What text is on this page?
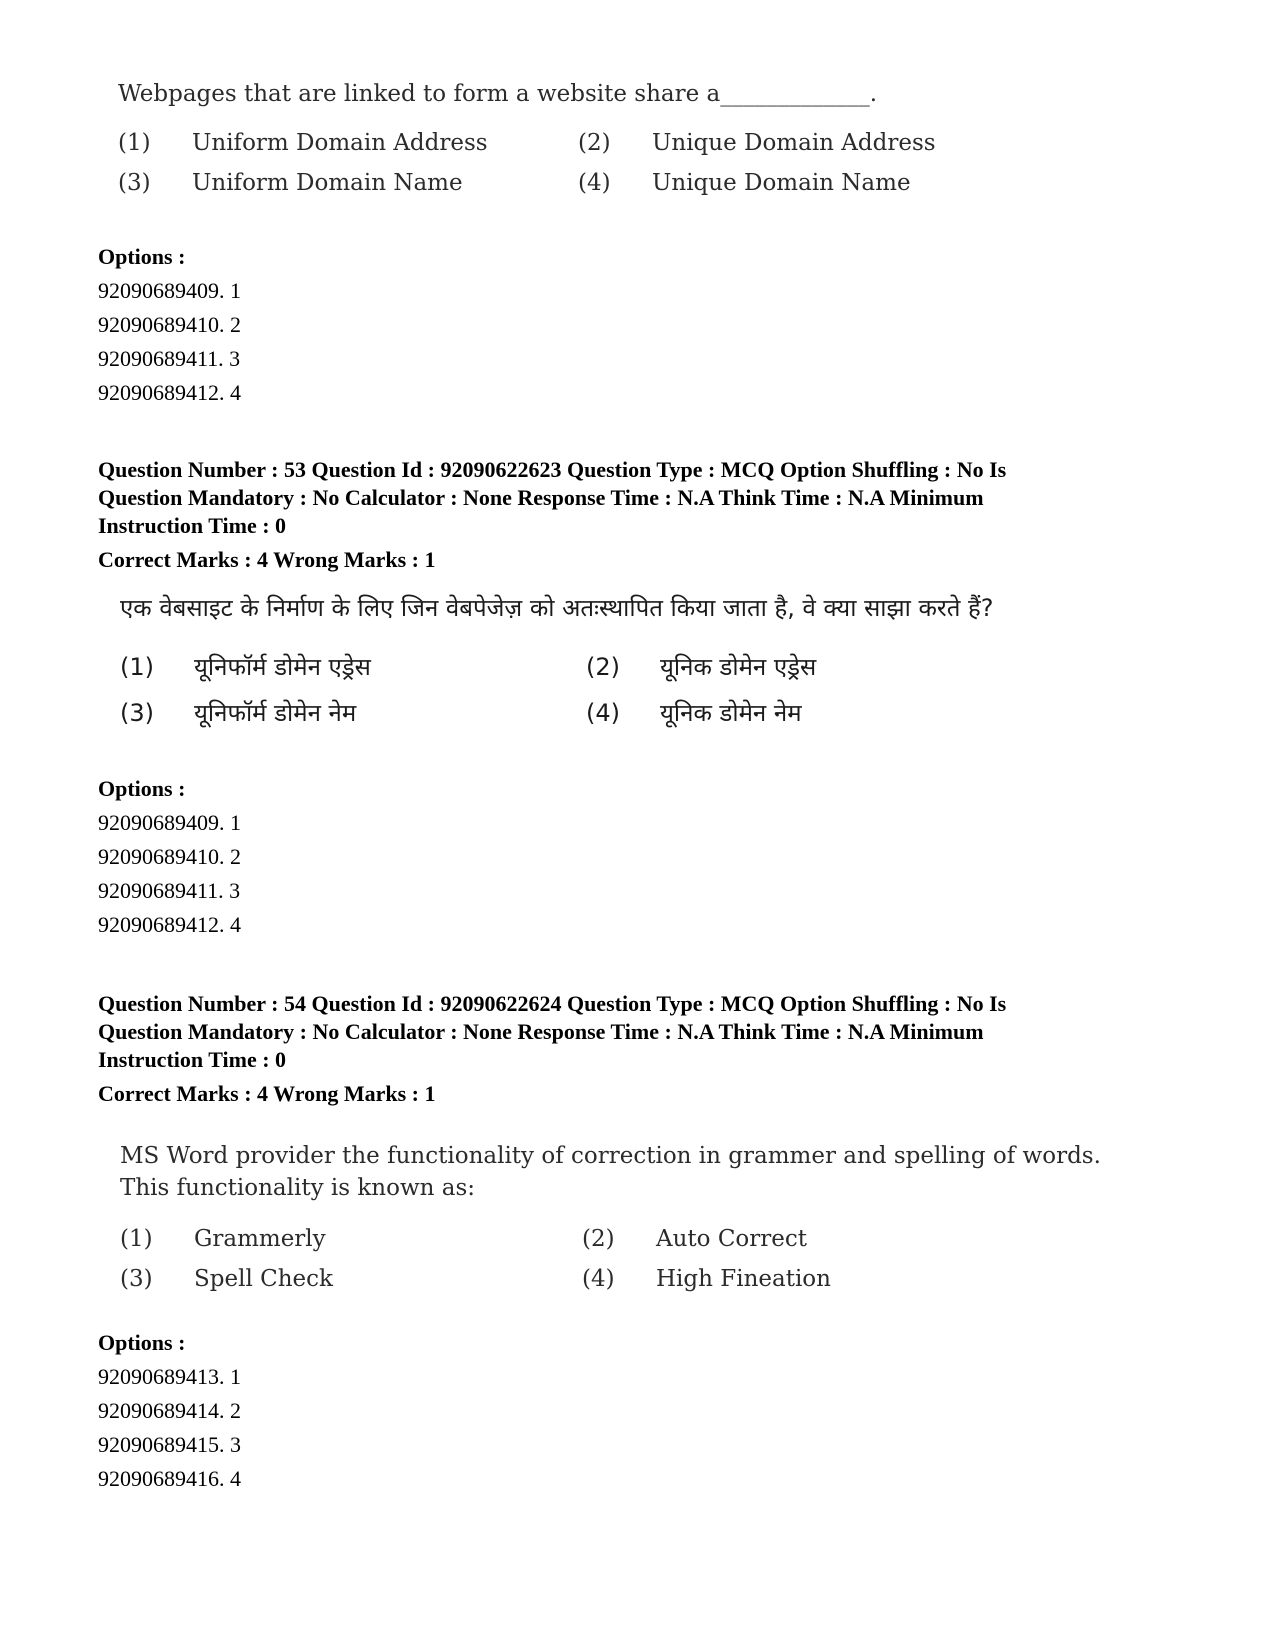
Webpages that are linked to form a website share a_____________.

(1) Uniform Domain Address	(2) Unique Domain Address
(3) Uniform Domain Name	(4) Unique Domain Name
Options :
92090689409. 1
92090689410. 2
92090689411. 3
92090689412. 4
Question Number : 53 Question Id : 92090622623 Question Type : MCQ Option Shuffling : No Is
Question Mandatory : No Calculator : None Response Time : N.A Think Time : N.A Minimum
Instruction Time : 0
Correct Marks : 4 Wrong Marks : 1

एक वेबसाइट के निर्माण के लिए जिन वेबपेजेज़ को अतःस्थापित किया जाता है, वे क्या साझा करते हैं?

(1) यूनिफॉर्म डोमेन एड्रेस	(2) यूनिक डोमेन एड्रेस
(3) यूनिफॉर्म डोमेन नेम	(4) यूनिक डोमेन नेम
Options :
92090689409. 1
92090689410. 2
92090689411. 3
92090689412. 4
Question Number : 54 Question Id : 92090622624 Question Type : MCQ Option Shuffling : No Is
Question Mandatory : No Calculator : None Response Time : N.A Think Time : N.A Minimum
Instruction Time : 0
Correct Marks : 4 Wrong Marks : 1

MS Word provider the functionality of correction in grammer and spelling of words.

This functionality is known as:

(1) Grammerly	(2) Auto Correct
(3) Spell Check	(4) High Fineation
Options :
92090689413. 1
92090689414. 2
92090689415. 3
92090689416. 4
